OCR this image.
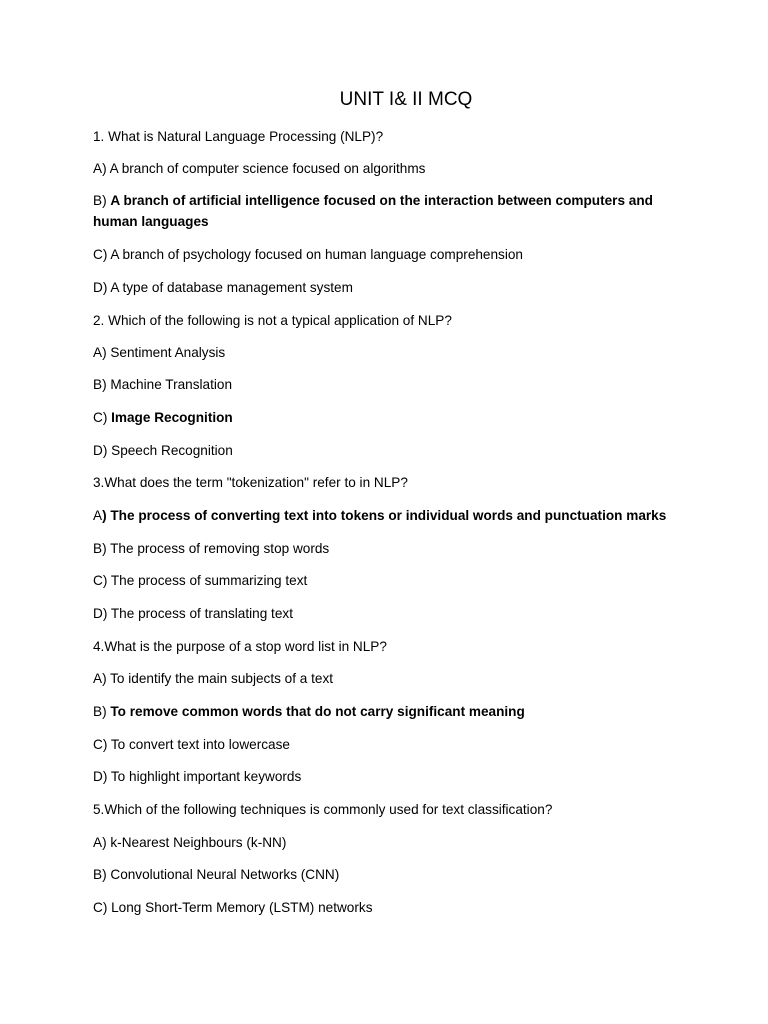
UNIT I& II MCQ
1. What is Natural Language Processing (NLP)?
A) A branch of computer science focused on algorithms
B) A branch of artificial intelligence focused on the interaction between computers and human languages
C) A branch of psychology focused on human language comprehension
D) A type of database management system
2. Which of the following is not a typical application of NLP?
A) Sentiment Analysis
B) Machine Translation
C) Image Recognition
D) Speech Recognition
3.What does the term "tokenization" refer to in NLP?
A) The process of converting text into tokens or individual words and punctuation marks
B) The process of removing stop words
C) The process of summarizing text
D) The process of translating text
4.What is the purpose of a stop word list in NLP?
A) To identify the main subjects of a text
B) To remove common words that do not carry significant meaning
C) To convert text into lowercase
D) To highlight important keywords
5.Which of the following techniques is commonly used for text classification?
A) k-Nearest Neighbours (k-NN)
B) Convolutional Neural Networks (CNN)
C) Long Short-Term Memory (LSTM) networks
